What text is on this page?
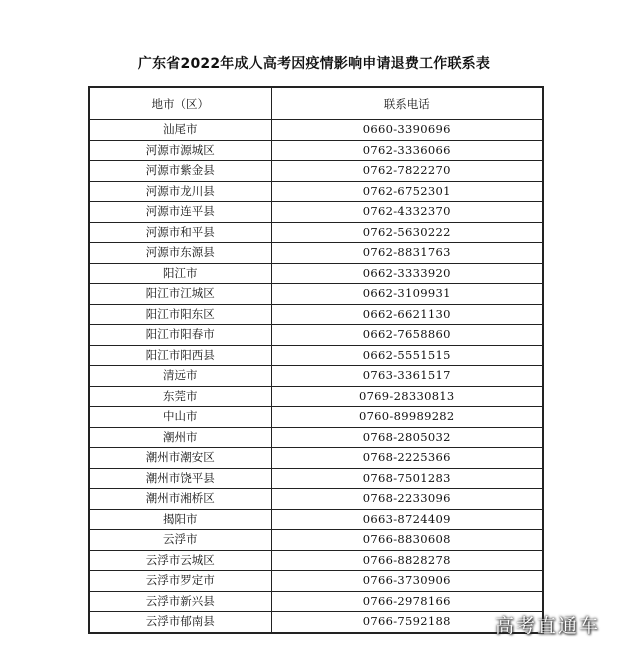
广东省2022年成人高考因疫情影响申请退费工作联系表
地市（区）	联系电话
汕尾市	0660-3390696
河源市源城区	0762-3336066
河源市紫金县	0762-7822270
河源市龙川县	0762-6752301
河源市连平县	0762-4332370
河源市和平县	0762-5630222
河源市东源县	0762-8831763
阳江市	0662-3333920
阳江市江城区	0662-3109931
阳江市阳东区	0662-6621130
阳江市阳春市	0662-7658860
阳江市阳西县	0662-5551515
清远市	0763-3361517
东莞市	0769-28330813
中山市	0760-89989282
潮州市	0768-2805032
潮州市潮安区	0768-2225366
潮州市饶平县	0768-7501283
潮州市湘桥区	0768-2233096
揭阳市	0663-8724409
云浮市	0766-8830608
云浮市云城区	0766-8828278
云浮市罗定市	0766-3730906
云浮市新兴县	0766-2978166
云浮市郁南县	0766-7592188 高考直通车
